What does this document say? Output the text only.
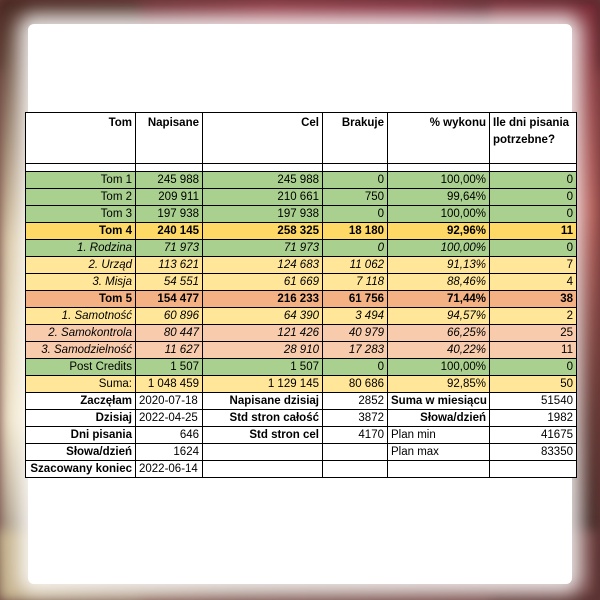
Tom	Napisane	Cel	Brakuje	% wykonu	Ile dni pisania potrzebne?

Tom 1	245 988	245 988	0	100,00%	0
Tom 2	209 911	210 661	750	99,64%	0
Tom 3	197 938	197 938	0	100,00%	0
Tom 4	240 145	258 325	18 180	92,96%	11
1. Rodzina	71 973	71 973	0	100,00%	0
2. Urząd	113 621	124 683	11 062	91,13%	7
3. Misja	54 551	61 669	7 118	88,46%	4
Tom 5	154 477	216 233	61 756	71,44%	38
1. Samotność	60 896	64 390	3 494	94,57%	2
2. Samokontrola	80 447	121 426	40 979	66,25%	25
3. Samodzielność	11 627	28 910	17 283	40,22%	11
Post Credits	1 507	1 507	0	100,00%	0
Suma:	1 048 459	1 129 145	80 686	92,85%	50
Zaczęłam	2020-07-18	Napisane dzisiaj	2852	Suma w miesiącu	51540
Dzisiaj	2022-04-25	Std stron całość	3872	Słowa/dzień	1982
Dni pisania	646	Std stron cel	4170	Plan min	41675
Słowa/dzień	1624			Plan max	83350
Szacowany koniec	2022-06-14				
